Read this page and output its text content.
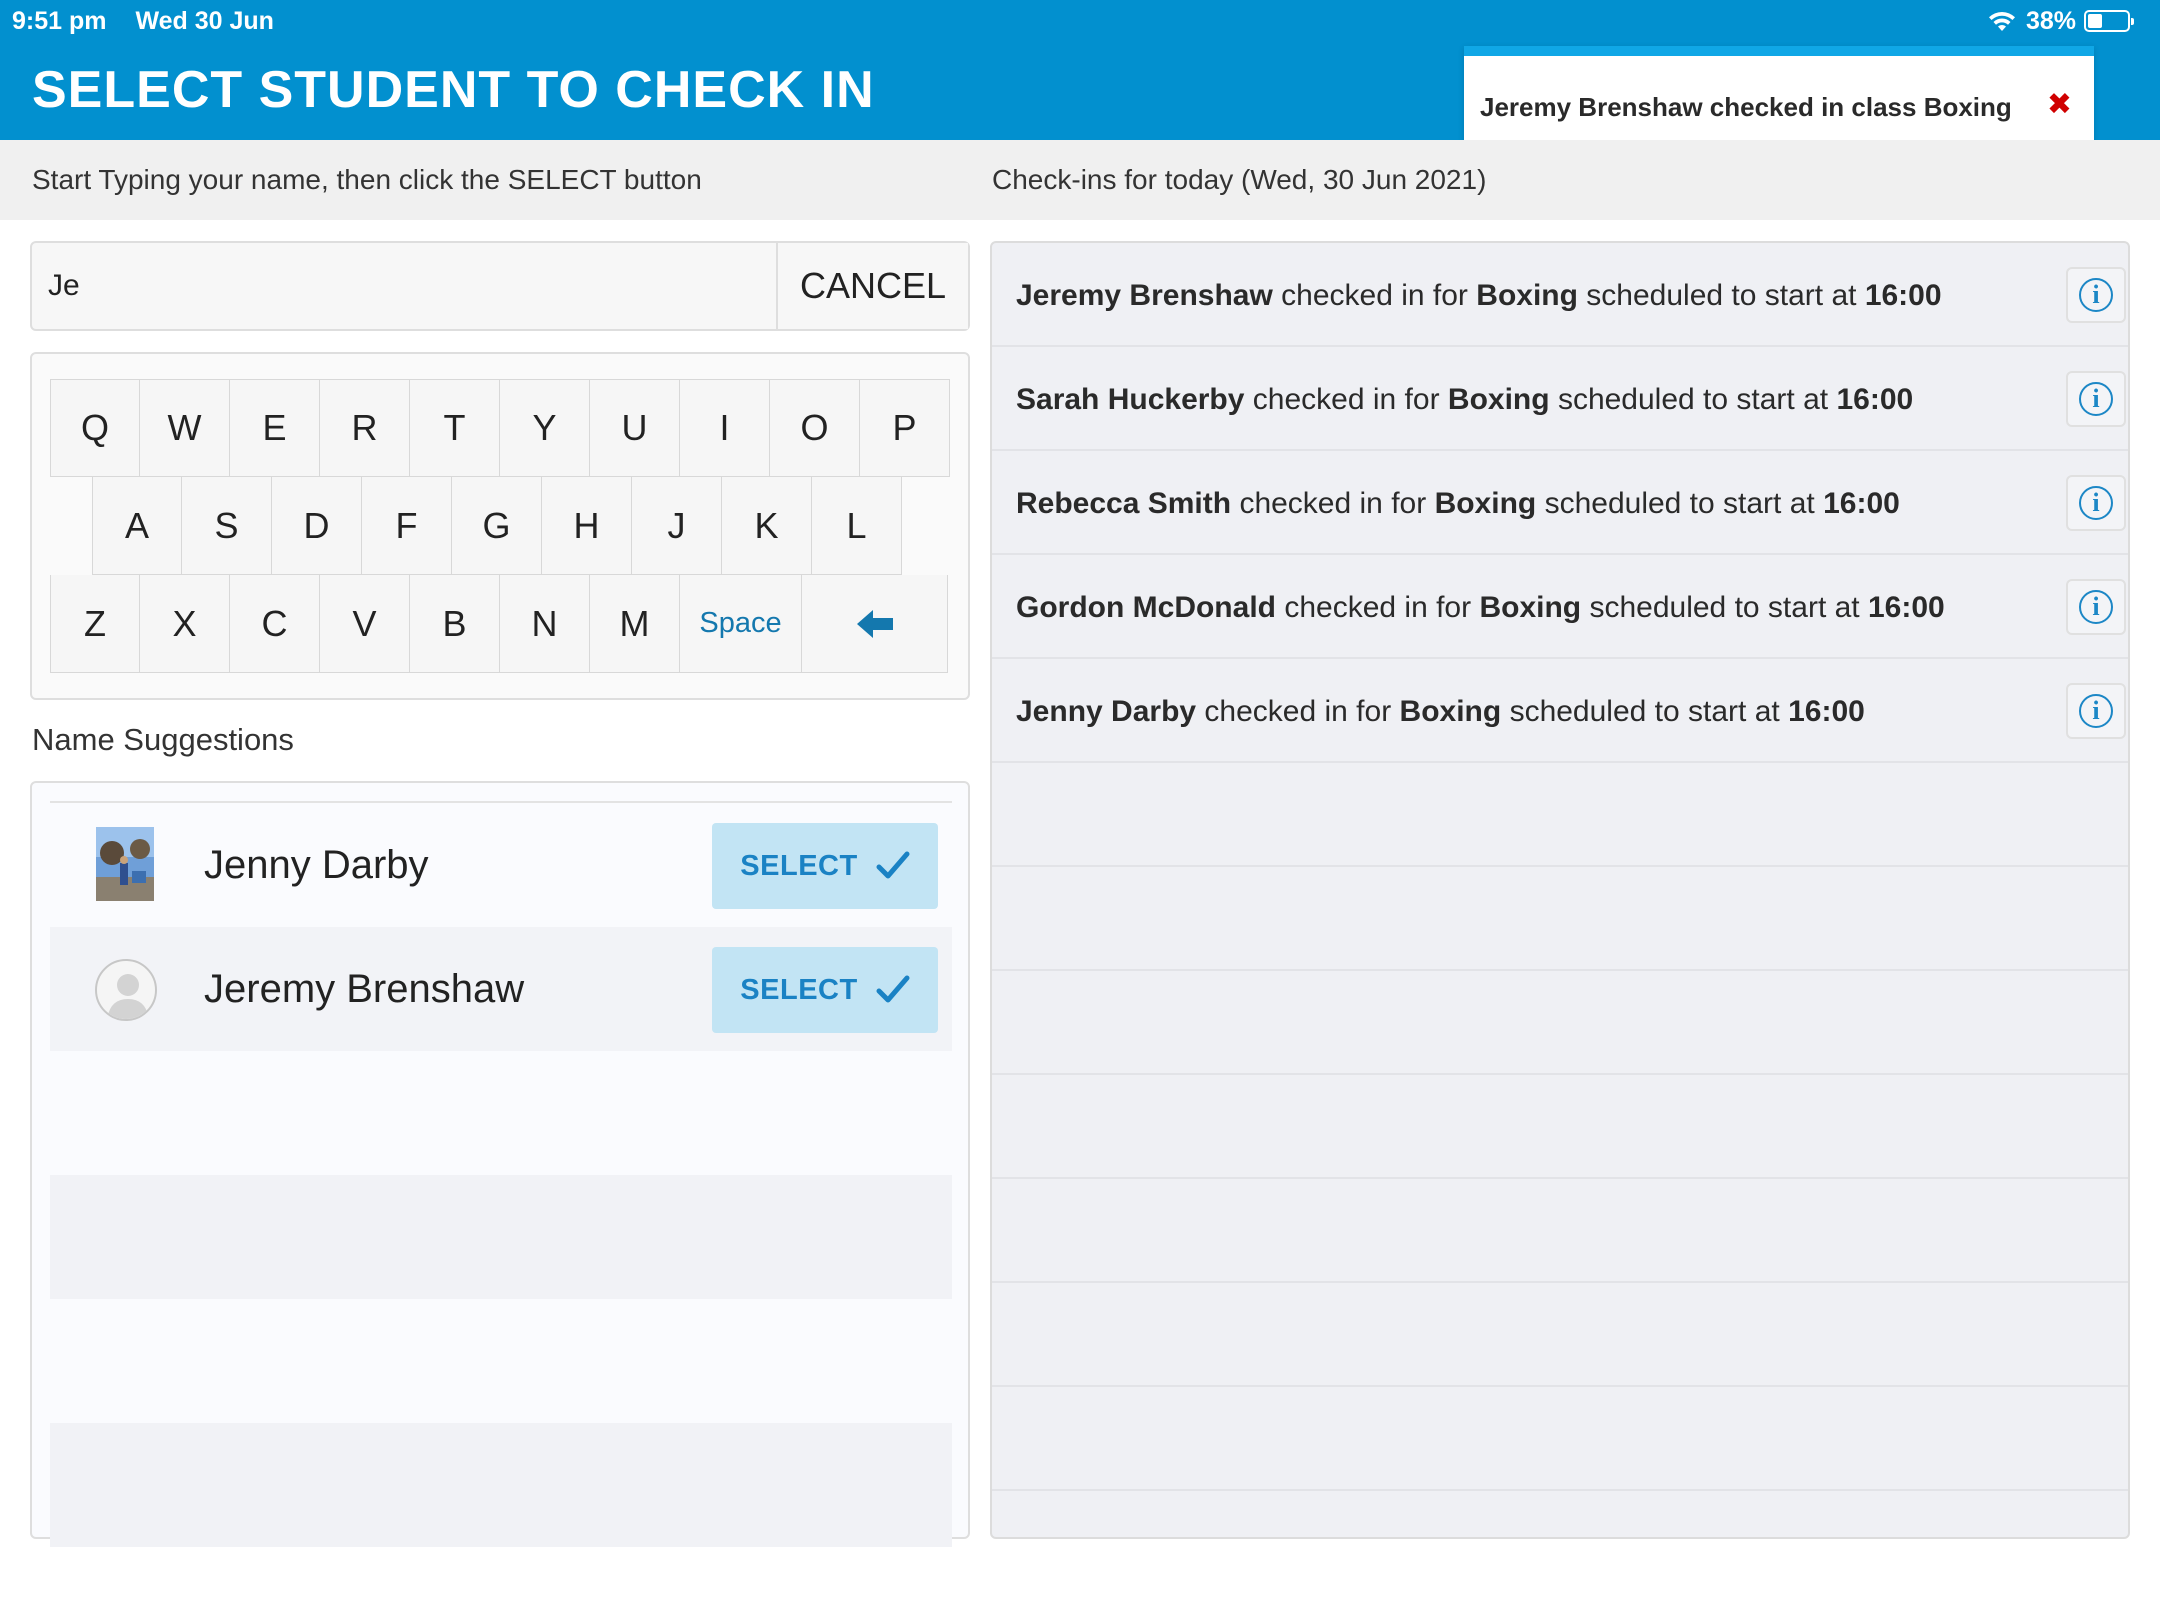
9:51 pm Wed 30 Jun	38%
SELECT STUDENT TO CHECK IN	Jeremy Brenshaw checked in class Boxing ✖
Start Typing your name, then click the SELECT button	Check-ins for today (Wed, 30 Jun 2021)
Je
CANCEL
Q	W	E	R	T	Y	U	I	O	P
A	S	D	F	G	H	J	K	L
Z	X	C	V	B	N	M	Space
Name Suggestions
Jenny Darby	SELECT
Jeremy Brenshaw	SELECT
Jeremy Brenshaw checked in for Boxing scheduled to start at 16:00	i
Sarah Huckerby checked in for Boxing scheduled to start at 16:00	i
Rebecca Smith checked in for Boxing scheduled to start at 16:00	i
Gordon McDonald checked in for Boxing scheduled to start at 16:00	i
Jenny Darby checked in for Boxing scheduled to start at 16:00	i
